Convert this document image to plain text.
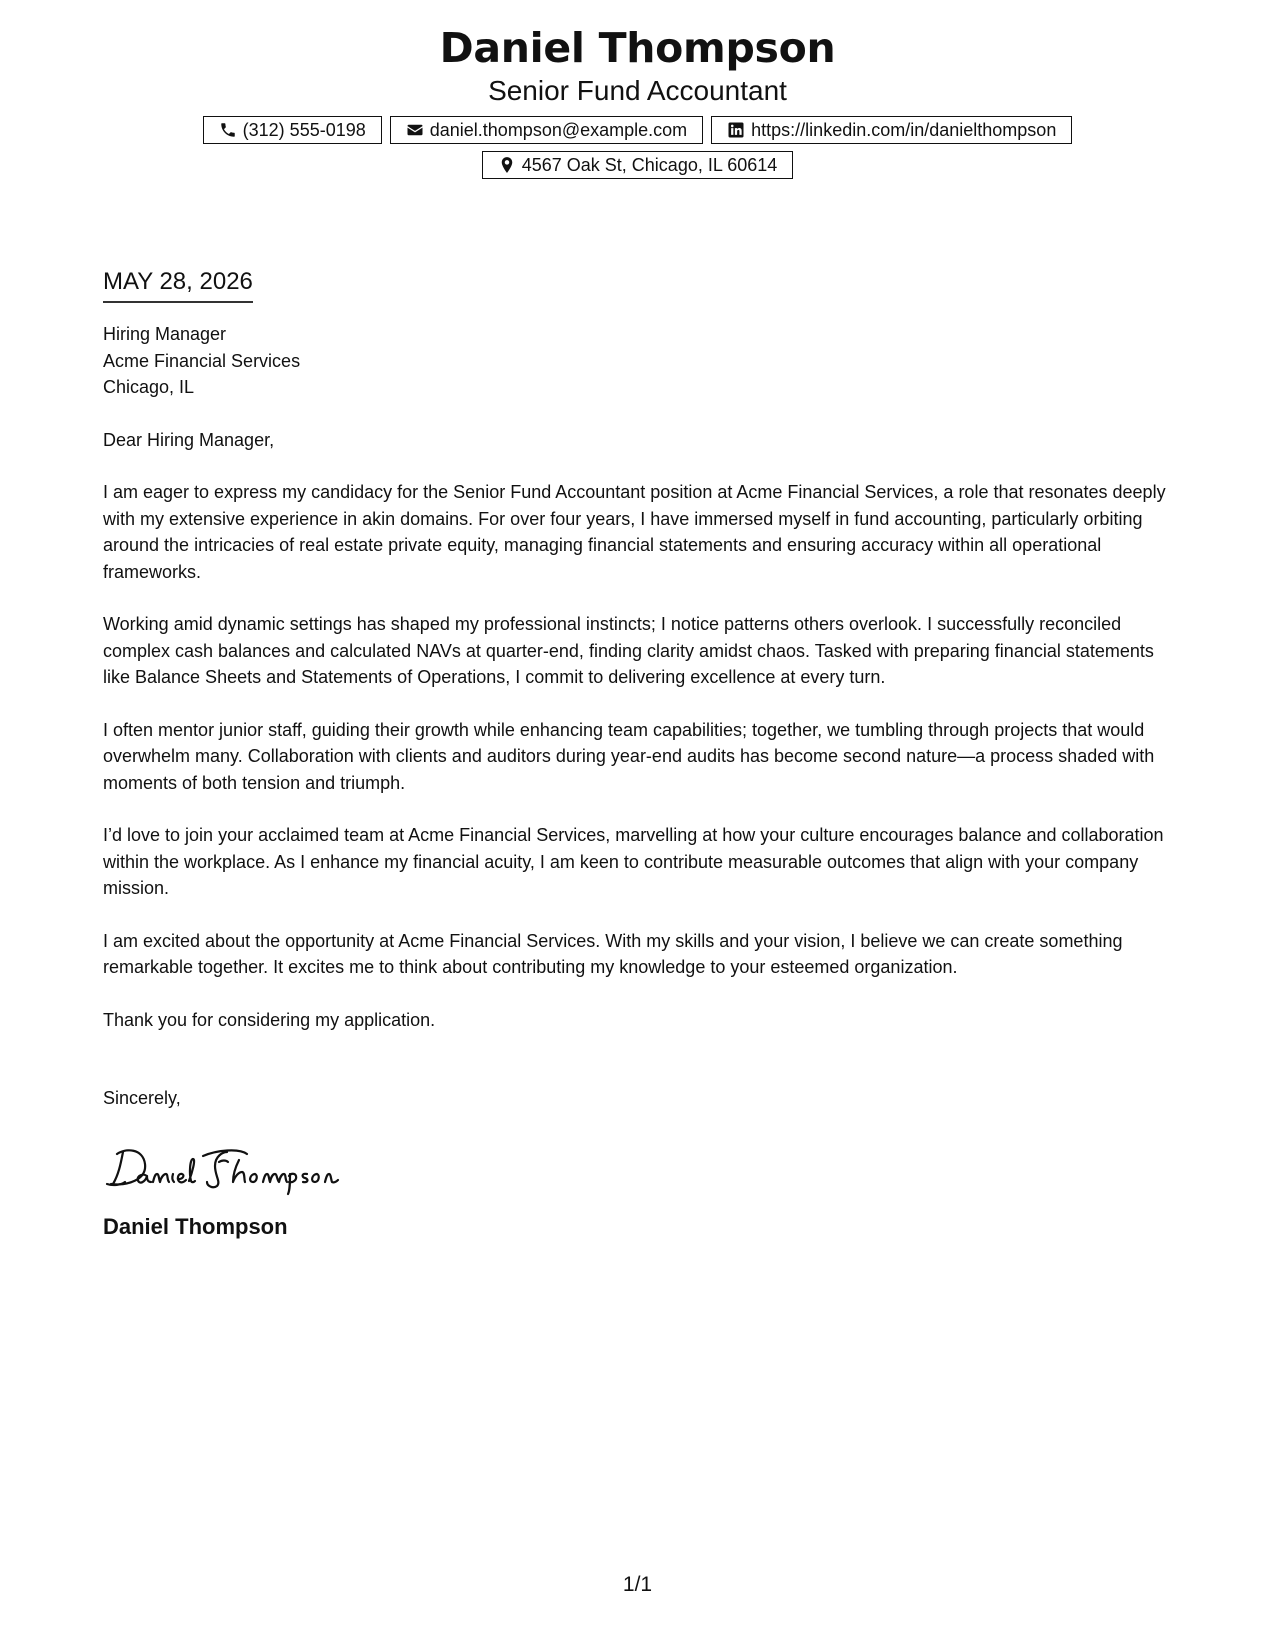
Daniel Thompson
Senior Fund Accountant
(312) 555-0198	daniel.thompson@example.com	https://linkedin.com/in/danielthompson
4567 Oak St, Chicago, IL 60614
MAY 28, 2026
Hiring Manager
Acme Financial Services
Chicago, IL
Dear Hiring Manager,

I am eager to express my candidacy for the Senior Fund Accountant position at Acme Financial Services, a role that resonates deeply with my extensive experience in akin domains. For over four years, I have immersed myself in fund accounting, particularly orbiting around the intricacies of real estate private equity, managing financial statements and ensuring accuracy within all operational frameworks.

Working amid dynamic settings has shaped my professional instincts; I notice patterns others overlook. I successfully reconciled complex cash balances and calculated NAVs at quarter-end, finding clarity amidst chaos. Tasked with preparing financial statements like Balance Sheets and Statements of Operations, I commit to delivering excellence at every turn.

I often mentor junior staff, guiding their growth while enhancing team capabilities; together, we tumbling through projects that would overwhelm many. Collaboration with clients and auditors during year-end audits has become second nature—a process shaded with moments of both tension and triumph.

I’d love to join your acclaimed team at Acme Financial Services, marvelling at how your culture encourages balance and collaboration within the workplace. As I enhance my financial acuity, I am keen to contribute measurable outcomes that align with your company mission.

I am excited about the opportunity at Acme Financial Services. With my skills and your vision, I believe we can create something remarkable together. It excites me to think about contributing my knowledge to your esteemed organization.

Thank you for considering my application.

Sincerely,
Daniel Thompson
1/1
